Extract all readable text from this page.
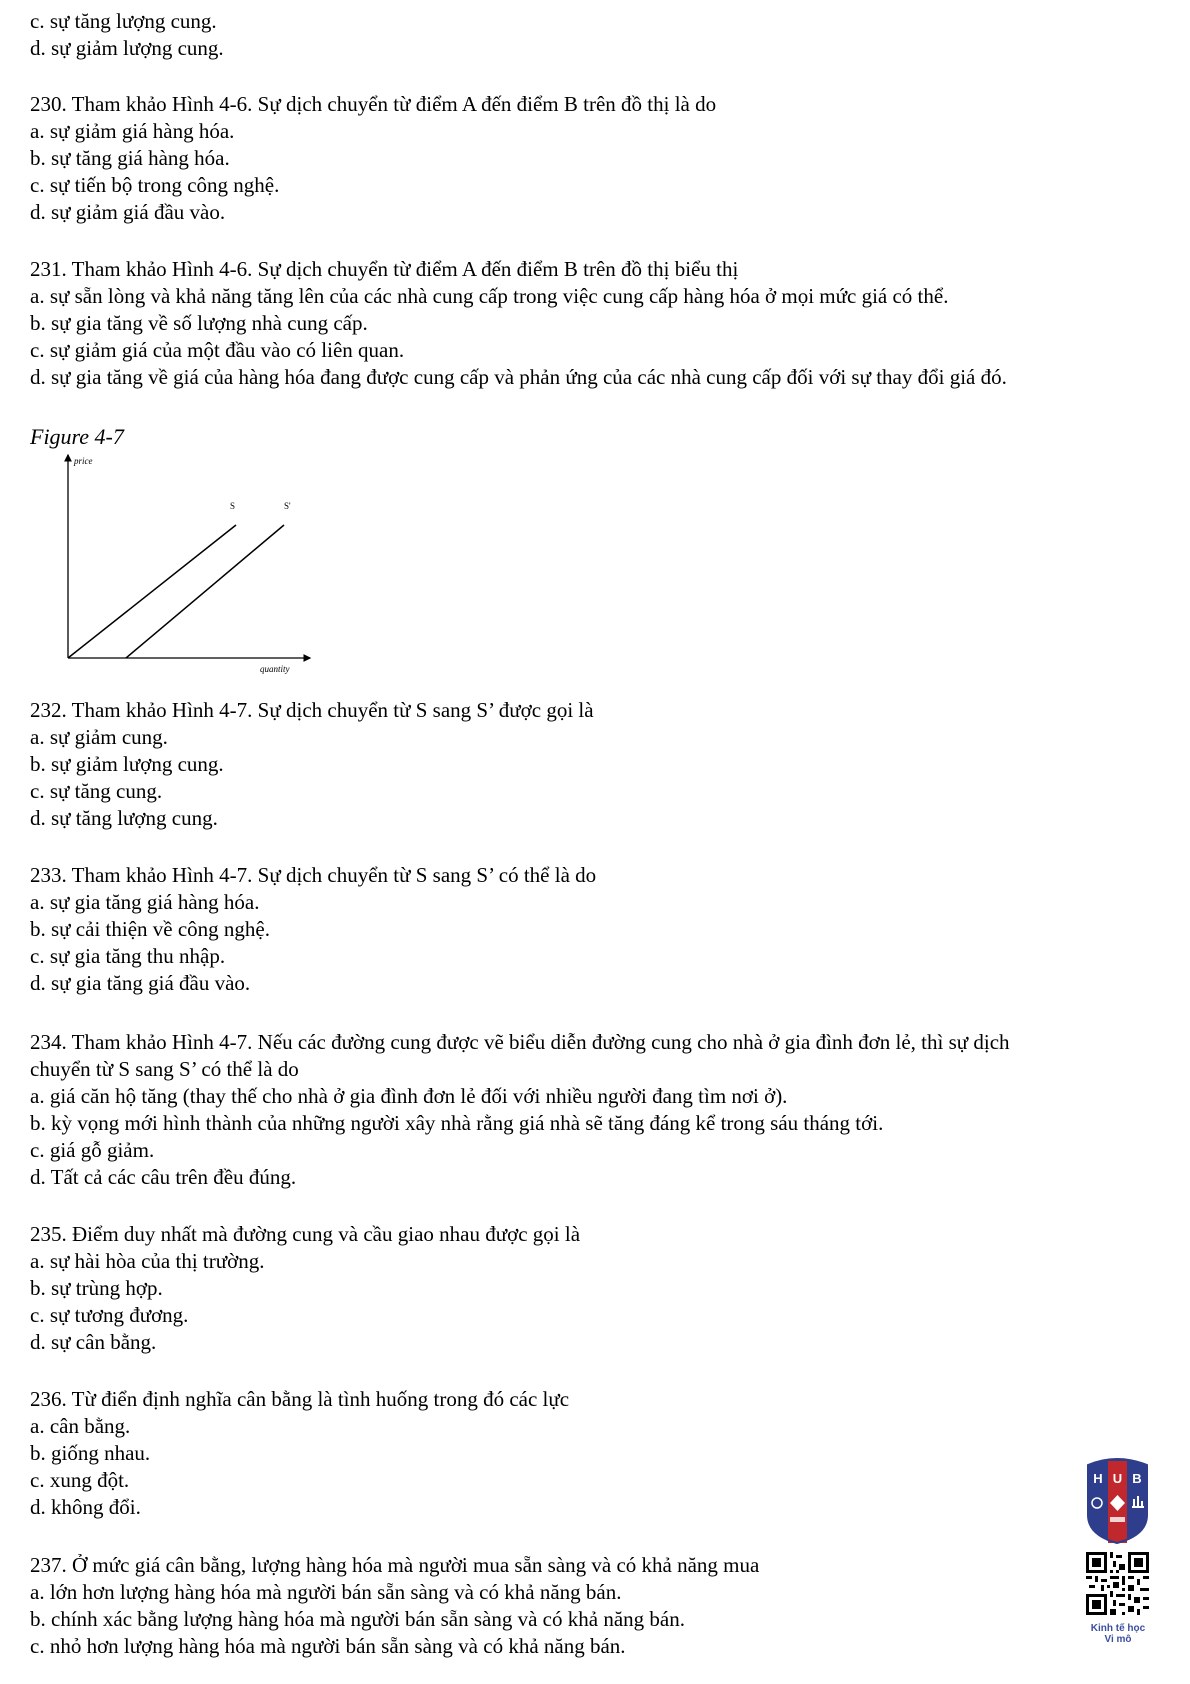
c. sự tăng lượng cung.
d. sự giảm lượng cung.
230. Tham khảo Hình 4-6. Sự dịch chuyển từ điểm A đến điểm B trên đồ thị là do
a. sự giảm giá hàng hóa.
b. sự tăng giá hàng hóa.
c. sự tiến bộ trong công nghệ.
d. sự giảm giá đầu vào.
231. Tham khảo Hình 4-6. Sự dịch chuyển từ điểm A đến điểm B trên đồ thị biểu thị
a. sự sẵn lòng và khả năng tăng lên của các nhà cung cấp trong việc cung cấp hàng hóa ở mọi mức giá có thể.
b. sự gia tăng về số lượng nhà cung cấp.
c. sự giảm giá của một đầu vào có liên quan.
d. sự gia tăng về giá của hàng hóa đang được cung cấp và phản ứng của các nhà cung cấp đối với sự thay đổi giá đó.
232. Tham khảo Hình 4-7. Sự dịch chuyển từ S sang S’ được gọi là
a. sự giảm cung.
b. sự giảm lượng cung.
c. sự tăng cung.
d. sự tăng lượng cung.
233. Tham khảo Hình 4-7. Sự dịch chuyển từ S sang S’ có thể là do
a. sự gia tăng giá hàng hóa.
b. sự cải thiện về công nghệ.
c. sự gia tăng thu nhập.
d. sự gia tăng giá đầu vào.
234. Tham khảo Hình 4-7. Nếu các đường cung được vẽ biểu diễn đường cung cho nhà ở gia đình đơn lẻ, thì sự dịch
chuyển từ S sang S’ có thể là do
a. giá căn hộ tăng (thay thế cho nhà ở gia đình đơn lẻ đối với nhiều người đang tìm nơi ở).
b. kỳ vọng mới hình thành của những người xây nhà rằng giá nhà sẽ tăng đáng kể trong sáu tháng tới.
c. giá gỗ giảm.
d. Tất cả các câu trên đều đúng.
235. Điểm duy nhất mà đường cung và cầu giao nhau được gọi là
a. sự hài hòa của thị trường.
b. sự trùng hợp.
c. sự tương đương.
d. sự cân bằng.
236. Từ điển định nghĩa cân bằng là tình huống trong đó các lực
a. cân bằng.
b. giống nhau.
c. xung đột.
d. không đổi.
237. Ở mức giá cân bằng, lượng hàng hóa mà người mua sẵn sàng và có khả năng mua
a. lớn hơn lượng hàng hóa mà người bán sẵn sàng và có khả năng bán.
b. chính xác bằng lượng hàng hóa mà người bán sẵn sàng và có khả năng bán.
c. nhỏ hơn lượng hàng hóa mà người bán sẵn sàng và có khả năng bán.
Figure 4-7
price
quantity
S	S'
H U B
Kinh tế học
Vi mô
